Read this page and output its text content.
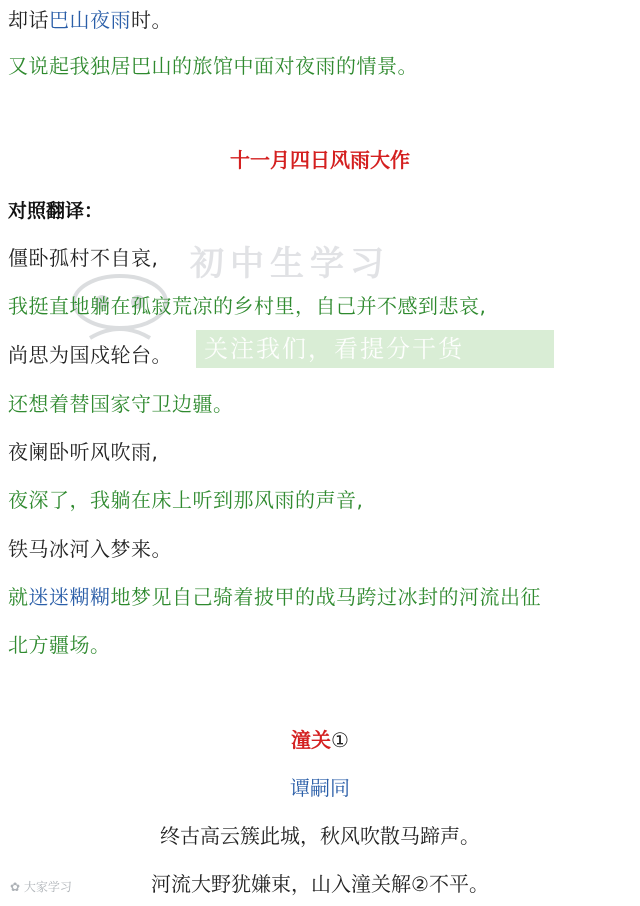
却话巴山夜雨时。
又说起我独居巴山的旅馆中面对夜雨的情景。
十一月四日风雨大作
对照翻译：
初中生学习
僵卧孤村不自哀,
我挺直地躺在孤寂荒凉的乡村里，自己并不感到悲哀,
尚思为国戍轮台。 关注我们，看提分干货
还想着替国家守卫边疆。
夜阑卧听风吹雨,
夜深了，我躺在床上听到那风雨的声音,
铁马冰河入梦来。
就迷迷糊糊地梦见自己骑着披甲的战马跨过冰封的河流出征
北方疆场。
潼关①
谭嗣同
终古高云簇此城，秋风吹散马蹄声。
河流大野犹嫌束，山入潼关解②不平。
✿ 大家学习
